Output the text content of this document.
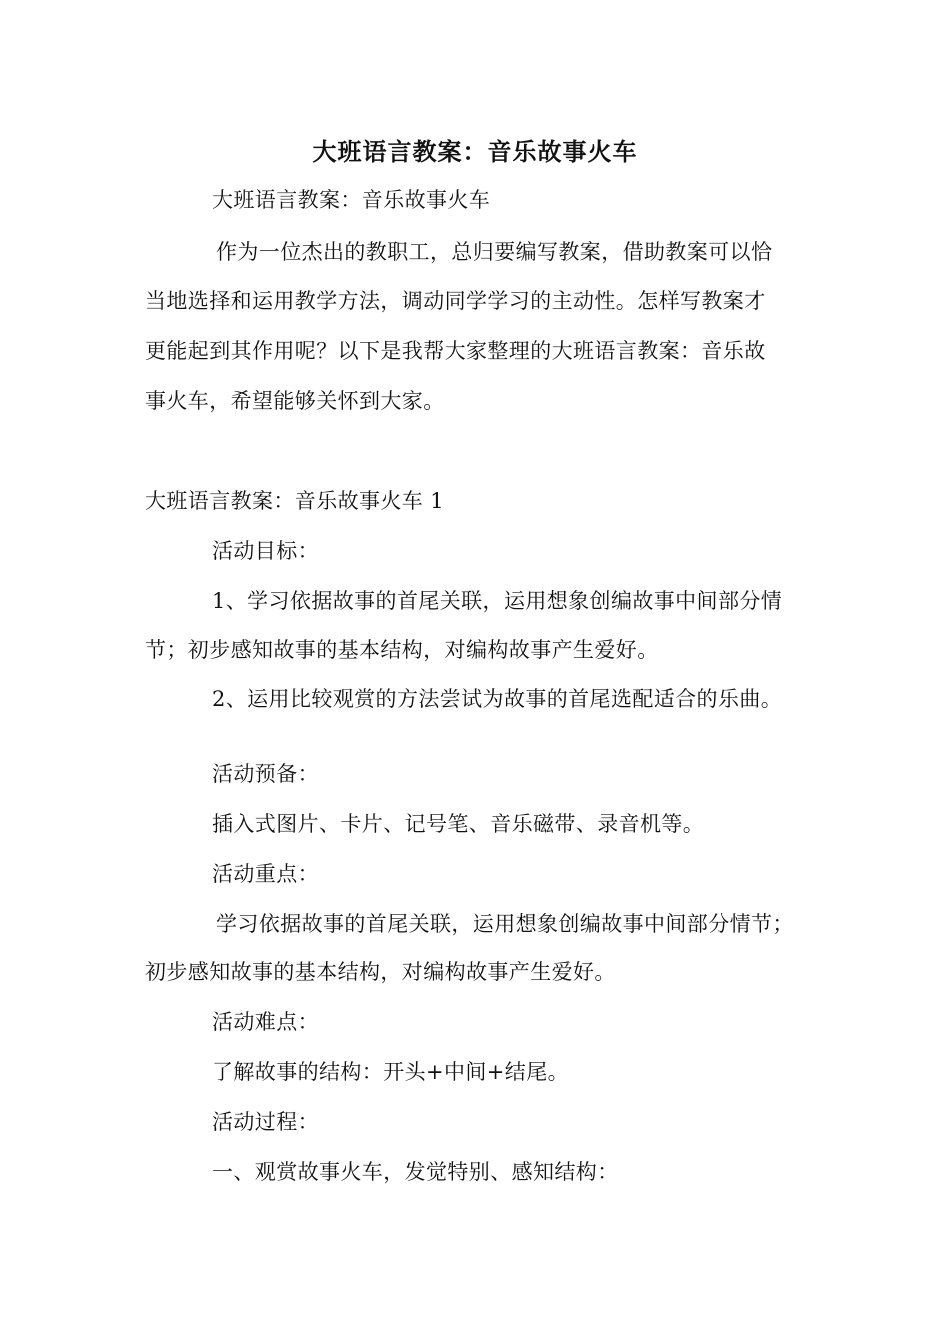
大班语言教案：音乐故事火车
大班语言教案：音乐故事火车
作为一位杰出的教职工，总归要编写教案，借助教案可以恰
当地选择和运用教学方法，调动同学学习的主动性。怎样写教案才
更能起到其作用呢？以下是我帮大家整理的大班语言教案：音乐故
事火车，希望能够关怀到大家。
大班语言教案：音乐故事火车 1
活动目标：
1、学习依据故事的首尾关联，运用想象创编故事中间部分情
节；初步感知故事的基本结构，对编构故事产生爱好。
2、运用比较观赏的方法尝试为故事的首尾选配适合的乐曲。
活动预备：
插入式图片、卡片、记号笔、音乐磁带、录音机等。
活动重点：
学习依据故事的首尾关联，运用想象创编故事中间部分情节；
初步感知故事的基本结构，对编构故事产生爱好。
活动难点：
了解故事的结构：开头+中间+结尾。
活动过程：
一、观赏故事火车，发觉特别、感知结构：
